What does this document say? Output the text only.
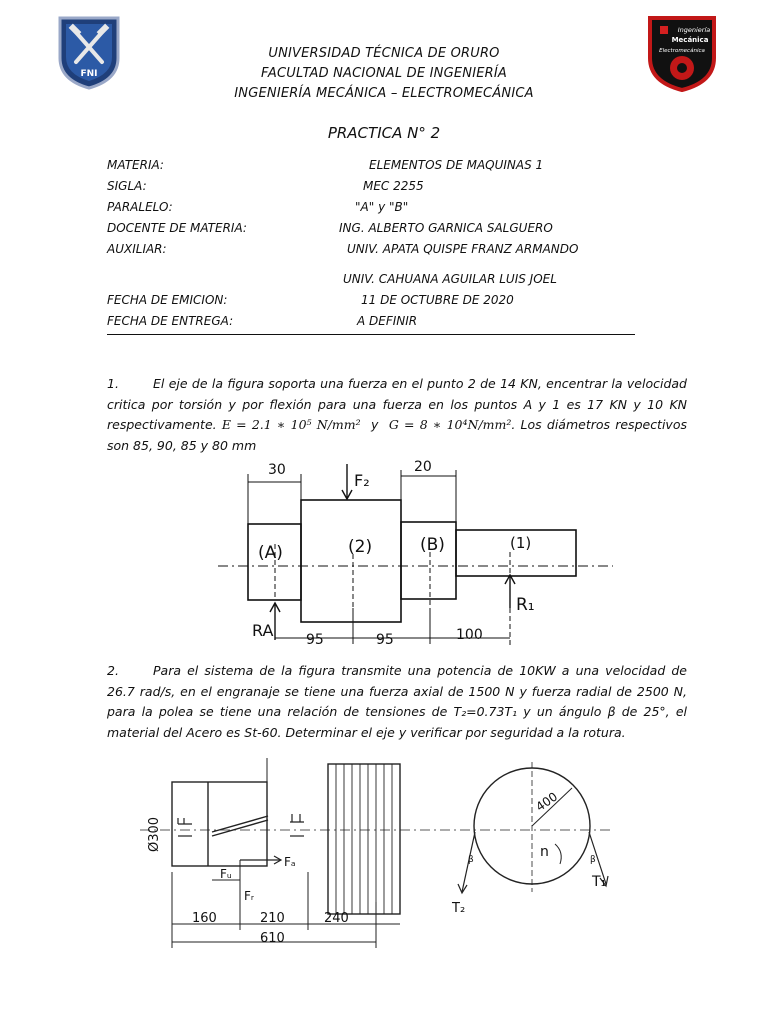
FNI
Ingeniería
Mecánica
Electromecánica
UNIVERSIDAD TÉCNICA DE ORURO
FACULTAD NACIONAL DE INGENIERÍA
INGENIERÍA MECÁNICA – ELECTROMECÁNICA
PRACTICA N° 2
MATERIA:	ELEMENTOS DE MAQUINAS 1
SIGLA:	MEC 2255
PARALELO:	"A" y "B"
DOCENTE DE MATERIA:	ING. ALBERTO GARNICA SALGUERO
AUXILIAR:	UNIV. APATA QUISPE FRANZ ARMANDO
UNIV. CAHUANA AGUILAR LUIS JOEL
FECHA DE EMICION:	11 DE OCTUBRE DE 2020
FECHA DE ENTREGA:	A DEFINIR
1.	El eje de la figura soporta una fuerza en el punto 2 de 14 KN, encentrar la velocidad critica por torsión y por flexión para una fuerza en los puntos A y 1 es 17 KN y 10 KN respectivamente. E = 2.1 ∗ 10⁵ N/mm²  y  G = 8 ∗ 10⁴N/mm². Los diámetros respectivos son 85, 90, 85 y 80 mm
30	20
F₂
(A)	(2)	(B)	(1)
RA
R₁
95	95	100
2.	Para el sistema de la figura transmite una potencia de 10KW a una velocidad de 26.7 rad/s, en el engranaje se tiene una fuerza axial de 1500 N y fuerza radial de 2500 N, para la polea se tiene una relación de tensiones de T₂=0.73T₁ y un ángulo β de 25°, el material del Acero es St-60. Determinar el eje y verificar por seguridad a la rotura.
Ø300
Fᵤ
Fₐ
Fᵣ
160	210	240
610
400
n
β	β
T₁
T₂
